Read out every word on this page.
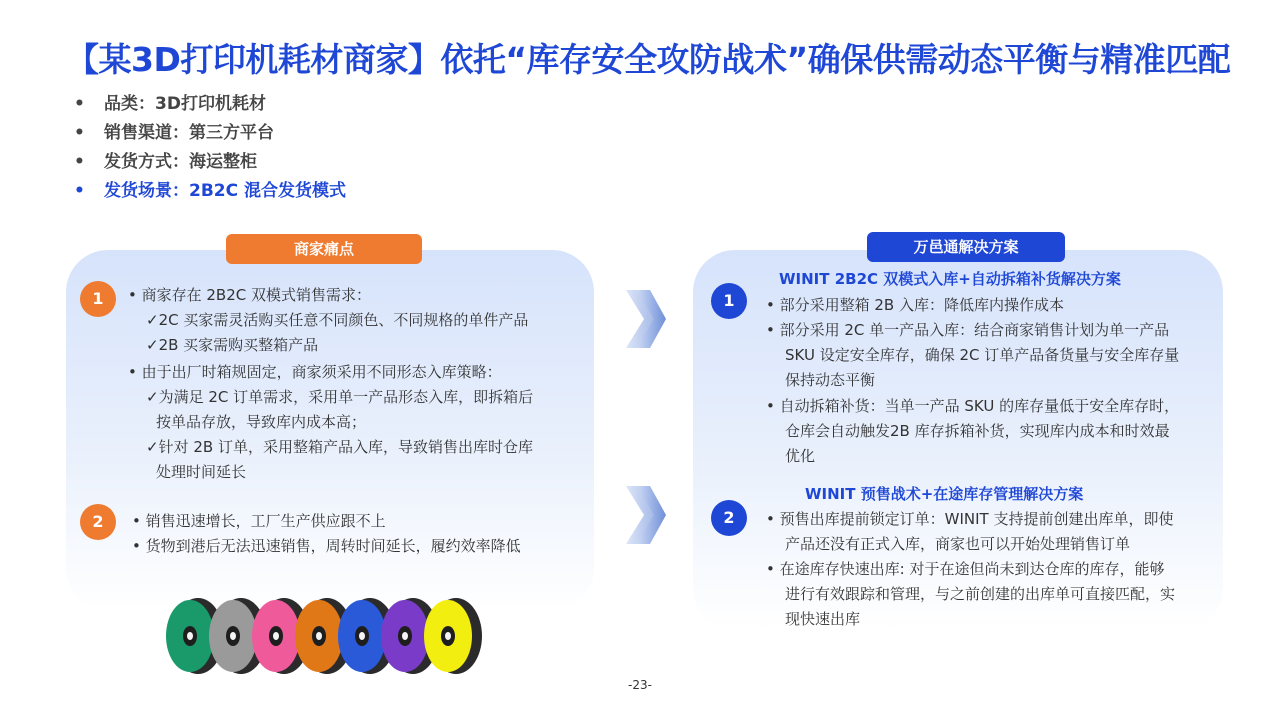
【某3D打印机耗材商家】依托“库存安全攻防战术”确保供需动态平衡与精准匹配
• 品类：3D打印机耗材
• 销售渠道：第三方平台
• 发货方式：海运整柜
• 发货场景：2B2C 混合发货模式
商家痛点
1
2
• 商家存在 2B2C 双模式销售需求：
✓2C 买家需灵活购买任意不同颜色、不同规格的单件产品
✓2B 买家需购买整箱产品
• 由于出厂时箱规固定，商家须采用不同形态入库策略：
✓为满足 2C 订单需求，采用单一产品形态入库，即拆箱后
按单品存放，导致库内成本高；
✓针对 2B 订单，采用整箱产品入库，导致销售出库时仓库
处理时间延长
• 销售迅速增长，工厂生产供应跟不上
• 货物到港后无法迅速销售，周转时间延长，履约效率降低
万邑通解决方案
1
2
WINIT 2B2C 双模式入库+自动拆箱补货解决方案
• 部分采用整箱 2B 入库：降低库内操作成本
• 部分采用 2C 单一产品入库：结合商家销售计划为单一产品
SKU 设定安全库存，确保 2C 订单产品备货量与安全库存量
保持动态平衡
• 自动拆箱补货：当单一产品 SKU 的库存量低于安全库存时，
仓库会自动触发2B 库存拆箱补货，实现库内成本和时效最
优化
WINIT 预售战术+在途库存管理解决方案
• 预售出库提前锁定订单：WINIT 支持提前创建出库单，即使
产品还没有正式入库，商家也可以开始处理销售订单
• 在途库存快速出库: 对于在途但尚未到达仓库的库存，能够
进行有效跟踪和管理，与之前创建的出库单可直接匹配，实
现快速出库
-23-
